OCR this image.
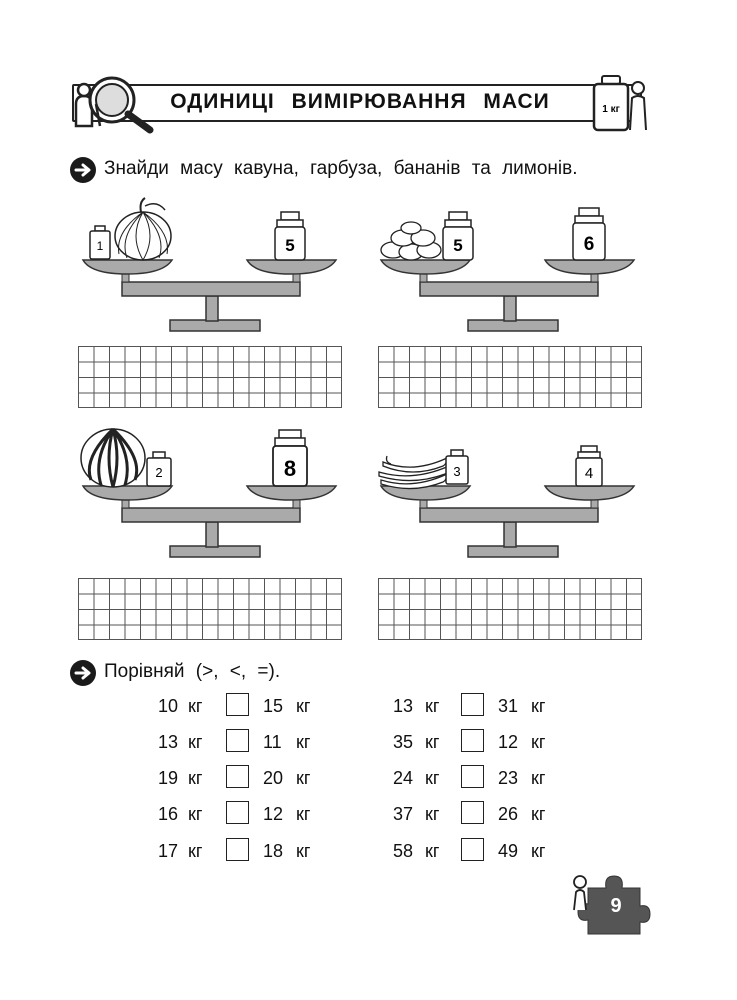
ОДИНИЦІ ВИМІРЮВАННЯ МАСИ	1 кг
Знайди масу кавуна, гарбуза, бананів та лимонів.
1	5	5	6
2	8	3	4
Порівняй (>, <, =).
10 кг	15 кг
13 кг	11 кг
19 кг	20 кг
16 кг	12 кг
17 кг	18 кг
13 кг	31 кг
35 кг	12 кг
24 кг	23 кг
37 кг	26 кг
58 кг	49 кг
9
